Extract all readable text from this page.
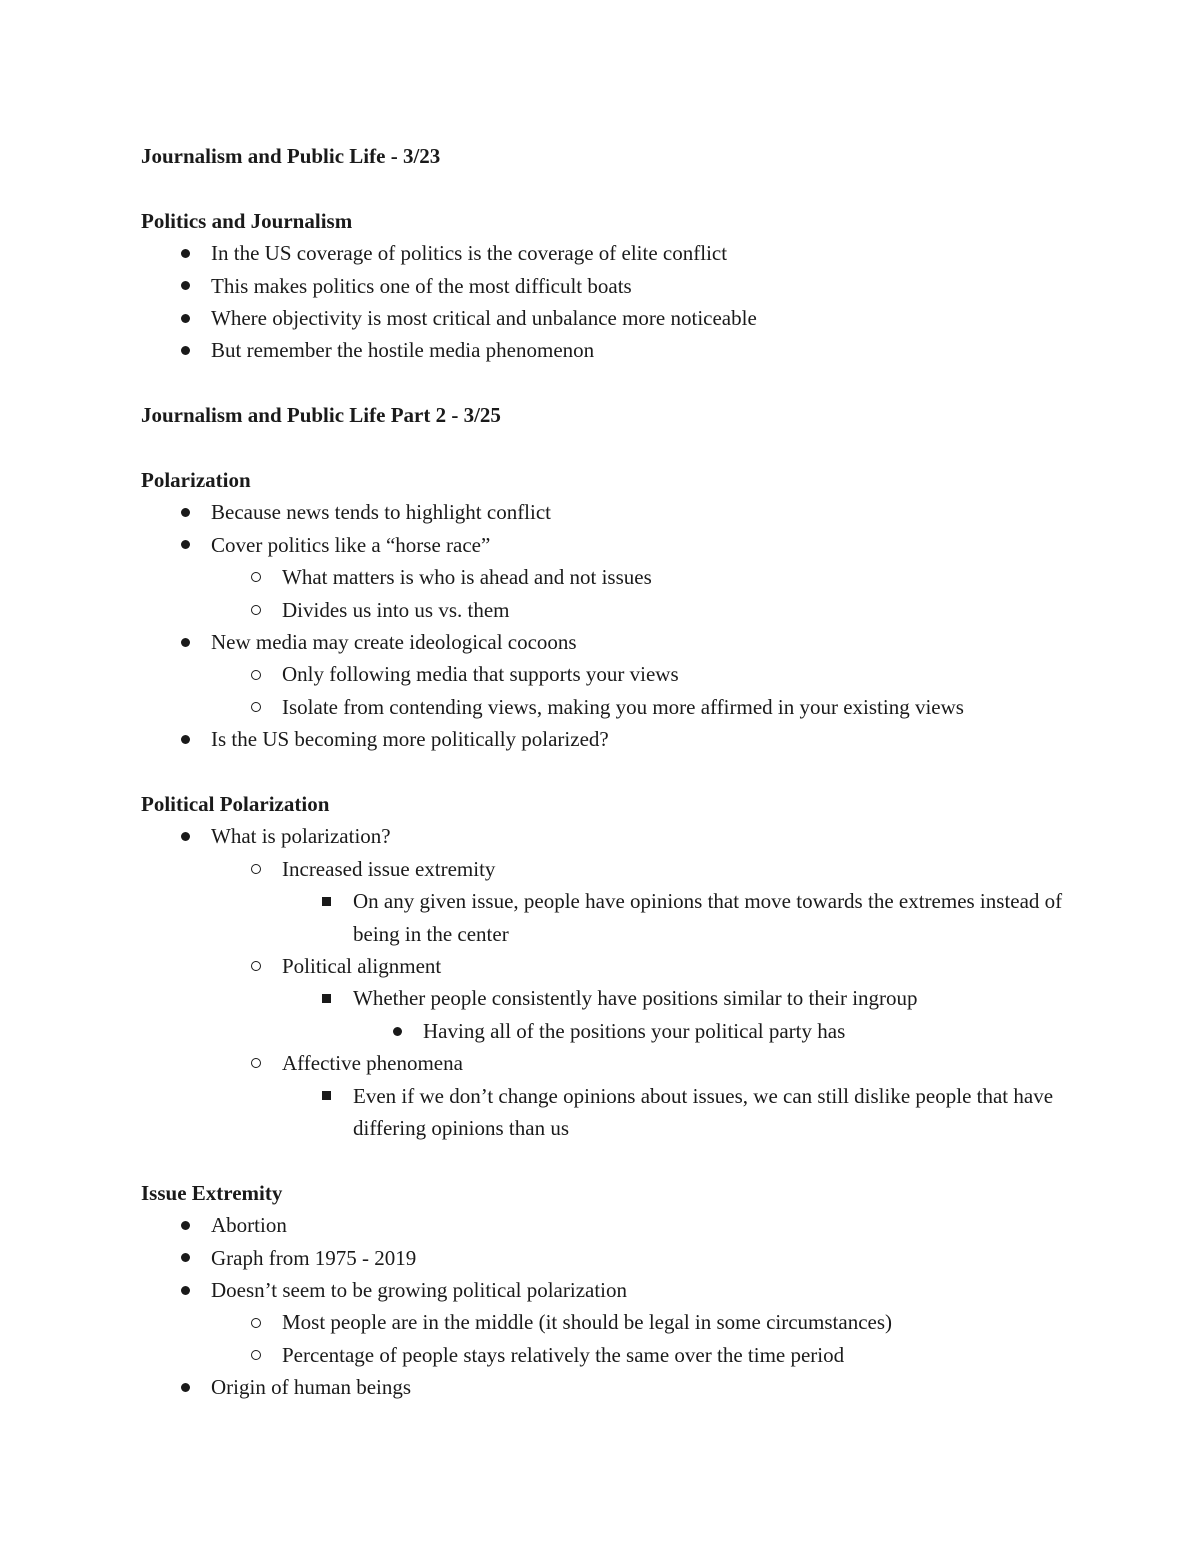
Journalism and Public Life - 3/23

Politics and Journalism

In the US coverage of politics is the coverage of elite conflict
This makes politics one of the most difficult boats
Where objectivity is most critical and unbalance more noticeable
But remember the hostile media phenomenon

Journalism and Public Life Part 2 - 3/25

Polarization

Because news tends to highlight conflict
Cover politics like a “horse race”
What matters is who is ahead and not issues
Divides us into us vs. them
New media may create ideological cocoons
Only following media that supports your views
Isolate from contending views, making you more affirmed in your existing views
Is the US becoming more politically polarized?

Political Polarization

What is polarization?
Increased issue extremity
On any given issue, people have opinions that move towards the extremes instead of being in the center
Political alignment
Whether people consistently have positions similar to their ingroup
Having all of the positions your political party has
Affective phenomena
Even if we don’t change opinions about issues, we can still dislike people that have differing opinions than us

Issue Extremity

Abortion
Graph from 1975 - 2019
Doesn’t seem to be growing political polarization
Most people are in the middle (it should be legal in some circumstances)
Percentage of people stays relatively the same over the time period
Origin of human beings
